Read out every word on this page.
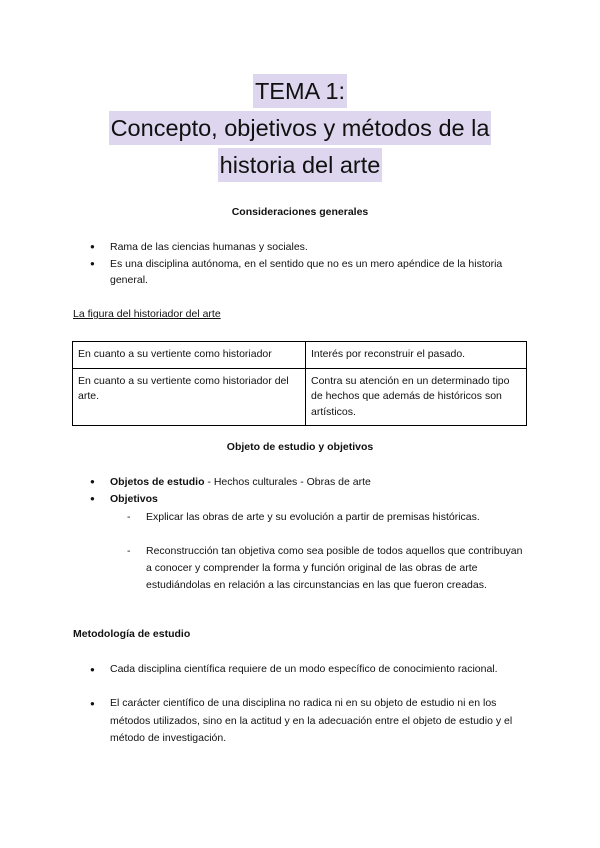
TEMA 1:
Concepto, objetivos y métodos de la
historia del arte
Consideraciones generales
● Rama de las ciencias humanas y sociales.
● Es una disciplina autónoma, en el sentido que no es un mero apéndice de la historia general.
La figura del historiador del arte
En cuanto a su vertiente como historiador	Interés por reconstruir el pasado.
En cuanto a su vertiente como historiador del arte.	Contra su atención en un determinado tipo de hechos que además de históricos son artísticos.
Objeto de estudio y objetivos
● Objetos de estudio - Hechos culturales - Obras de arte
● Objetivos
- Explicar las obras de arte y su evolución a partir de premisas históricas.
- Reconstrucción tan objetiva como sea posible de todos aquellos que contribuyan a conocer y comprender la forma y función original de las obras de arte estudiándolas en relación a las circunstancias en las que fueron creadas.
Metodología de estudio
● Cada disciplina científica requiere de un modo específico de conocimiento racional.
● El carácter científico de una disciplina no radica ni en su objeto de estudio ni en los métodos utilizados, sino en la actitud y en la adecuación entre el objeto de estudio y el método de investigación.
